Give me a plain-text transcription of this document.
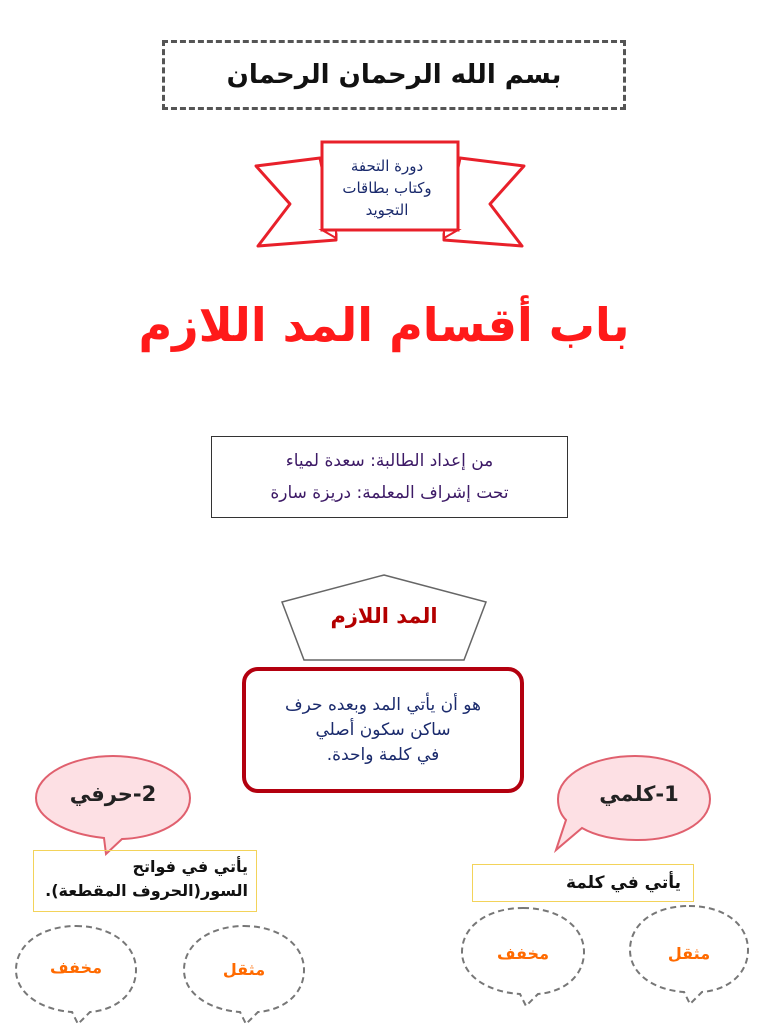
بسم الله الرحمان الرحمان
دورة التحفة
وكتاب بطاقات
التجويد
باب أقسام المد اللازم
من إعداد الطالبة: سعدة لمياء
تحت إشراف المعلمة: دريزة سارة
المد اللازم
هو أن يأتي المد وبعده حرف
ساكن سكون أصلي
في كلمة واحدة.
2-حرفي	1-كلمي
يأتي في فواتح
السور(الحروف المقطعة).	يأتي في كلمة
مخفف	مثقل
مخفف	مثقل
